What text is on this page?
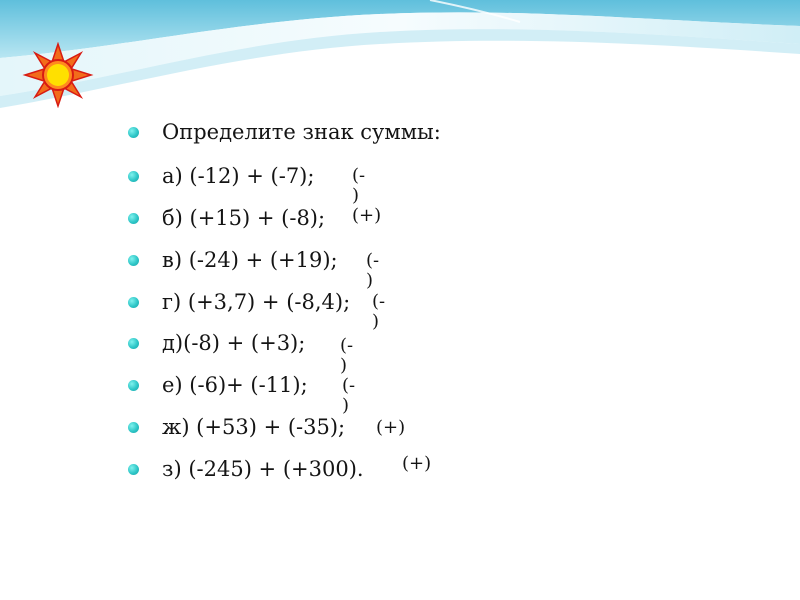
Определите знак суммы:
а) (-12) + (-7);
б) (+15) + (-8);
в) (-24) + (+19);
г) (+3,7) + (-8,4);
д)(-8) + (+3);
е) (-6)+ (-11);
ж) (+53) + (-35);
з) (-245) + (+300).
(-
)
(+)
(-
)
(-
)
(-
)
(-
)
(+)
(+)
